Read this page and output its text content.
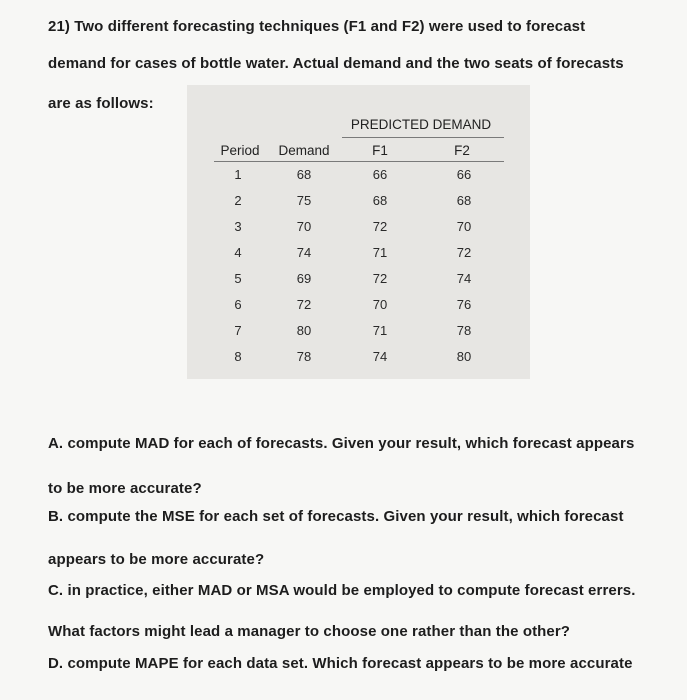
21) Two different forecasting techniques (F1 and F2) were used to forecast
demand for cases of bottle water. Actual demand and the two seats of forecasts
are as follows:
PREDICTED DEMAND
Period	Demand	F1	F2
1	68	66	66
2	75	68	68
3	70	72	70
4	74	71	72
5	69	72	74
6	72	70	76
7	80	71	78
8	78	74	80
A. compute MAD for each of forecasts. Given your result, which forecast appears
to be more accurate?
B. compute the MSE for each set of forecasts. Given your result, which forecast
appears to be more accurate?
C. in practice, either MAD or MSA would be employed to compute forecast errers.
What factors might lead a manager to choose one rather than the other?
D. compute MAPE for each data set. Which forecast appears to be more accurate
